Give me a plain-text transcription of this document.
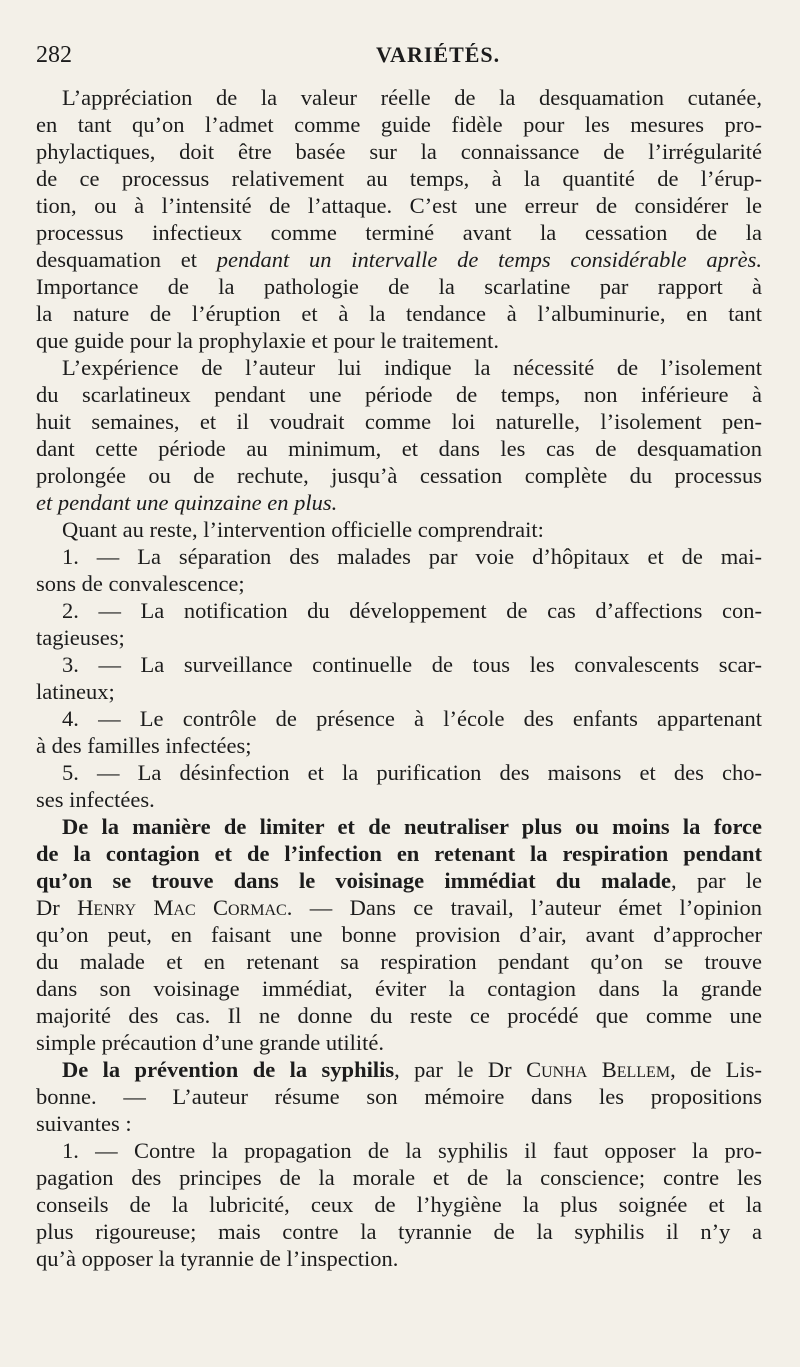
282	VARIÉTÉS.
L’appréciation de la valeur réelle de la desquamation cutanée,
en tant qu’on l’admet comme guide fidèle pour les mesures pro-
phylactiques, doit être basée sur la connaissance de l’irrégularité
de ce processus relativement au temps, à la quantité de l’érup-
tion, ou à l’intensité de l’attaque. C’est une erreur de considérer le
processus infectieux comme terminé avant la cessation de la
desquamation et pendant un intervalle de temps considérable après.
Importance de la pathologie de la scarlatine par rapport à
la nature de l’éruption et à la tendance à l’albuminurie, en tant
que guide pour la prophylaxie et pour le traitement.
L’expérience de l’auteur lui indique la nécessité de l’isolement
du scarlatineux pendant une période de temps, non inférieure à
huit semaines, et il voudrait comme loi naturelle, l’isolement pen-
dant cette période au minimum, et dans les cas de desquamation
prolongée ou de rechute, jusqu’à cessation complète du processus
et pendant une quinzaine en plus.
Quant au reste, l’intervention officielle comprendrait:
1. — La séparation des malades par voie d’hôpitaux et de mai-
sons de convalescence;
2. — La notification du développement de cas d’affections con-
tagieuses;
3. — La surveillance continuelle de tous les convalescents scar-
latineux;
4. — Le contrôle de présence à l’école des enfants appartenant
à des familles infectées;
5. — La désinfection et la purification des maisons et des cho-
ses infectées.
De la manière de limiter et de neutraliser plus ou moins la force
de la contagion et de l’infection en retenant la respiration pendant
qu’on se trouve dans le voisinage immédiat du malade, par le
Dr Henry Mac Cormac. — Dans ce travail, l’auteur émet l’opinion
qu’on peut, en faisant une bonne provision d’air, avant d’approcher
du malade et en retenant sa respiration pendant qu’on se trouve
dans son voisinage immédiat, éviter la contagion dans la grande
majorité des cas. Il ne donne du reste ce procédé que comme une
simple précaution d’une grande utilité.
De la prévention de la syphilis, par le Dr Cunha Bellem, de Lis-
bonne. — L’auteur résume son mémoire dans les propositions
suivantes :
1. — Contre la propagation de la syphilis il faut opposer la pro-
pagation des principes de la morale et de la conscience; contre les
conseils de la lubricité, ceux de l’hygiène la plus soignée et la
plus rigoureuse; mais contre la tyrannie de la syphilis il n’y a
qu’à opposer la tyrannie de l’inspection.
